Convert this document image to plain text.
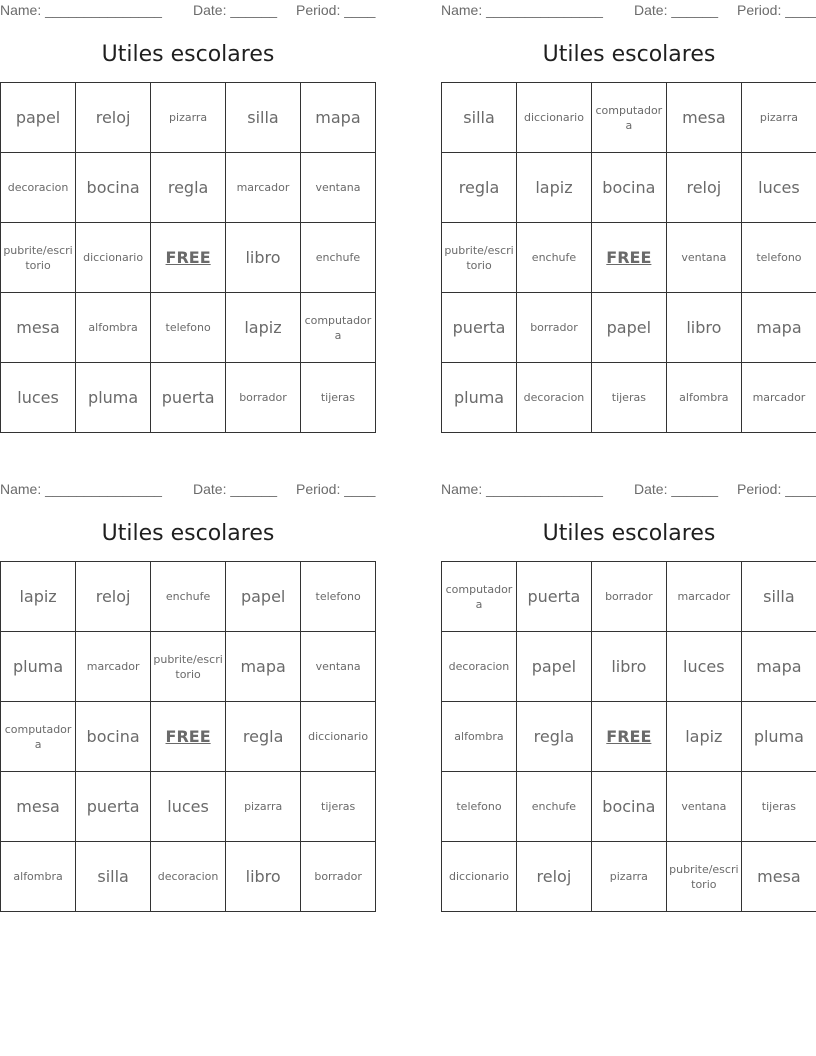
Name: _______________ Date: ______ Period: ____
Utiles escolares
papel	reloj	pizarra	silla	mapa
decoracion	bocina	regla	marcador	ventana
pubrite/escritorio	diccionario	FREE	libro	enchufe
mesa	alfombra	telefono	lapiz	computadora
luces	pluma	puerta	borrador	tijeras
Name: _______________ Date: ______ Period: ____
Utiles escolares
silla	diccionario	computadora	mesa	pizarra
regla	lapiz	bocina	reloj	luces
pubrite/escritorio	enchufe	FREE	ventana	telefono
puerta	borrador	papel	libro	mapa
pluma	decoracion	tijeras	alfombra	marcador
Name: _______________ Date: ______ Period: ____
Utiles escolares
lapiz	reloj	enchufe	papel	telefono
pluma	marcador	pubrite/escritorio	mapa	ventana
computadora	bocina	FREE	regla	diccionario
mesa	puerta	luces	pizarra	tijeras
alfombra	silla	decoracion	libro	borrador
Name: _______________ Date: ______ Period: ____
Utiles escolares
computadora	puerta	borrador	marcador	silla
decoracion	papel	libro	luces	mapa
alfombra	regla	FREE	lapiz	pluma
telefono	enchufe	bocina	ventana	tijeras
diccionario	reloj	pizarra	pubrite/escritorio	mesa
